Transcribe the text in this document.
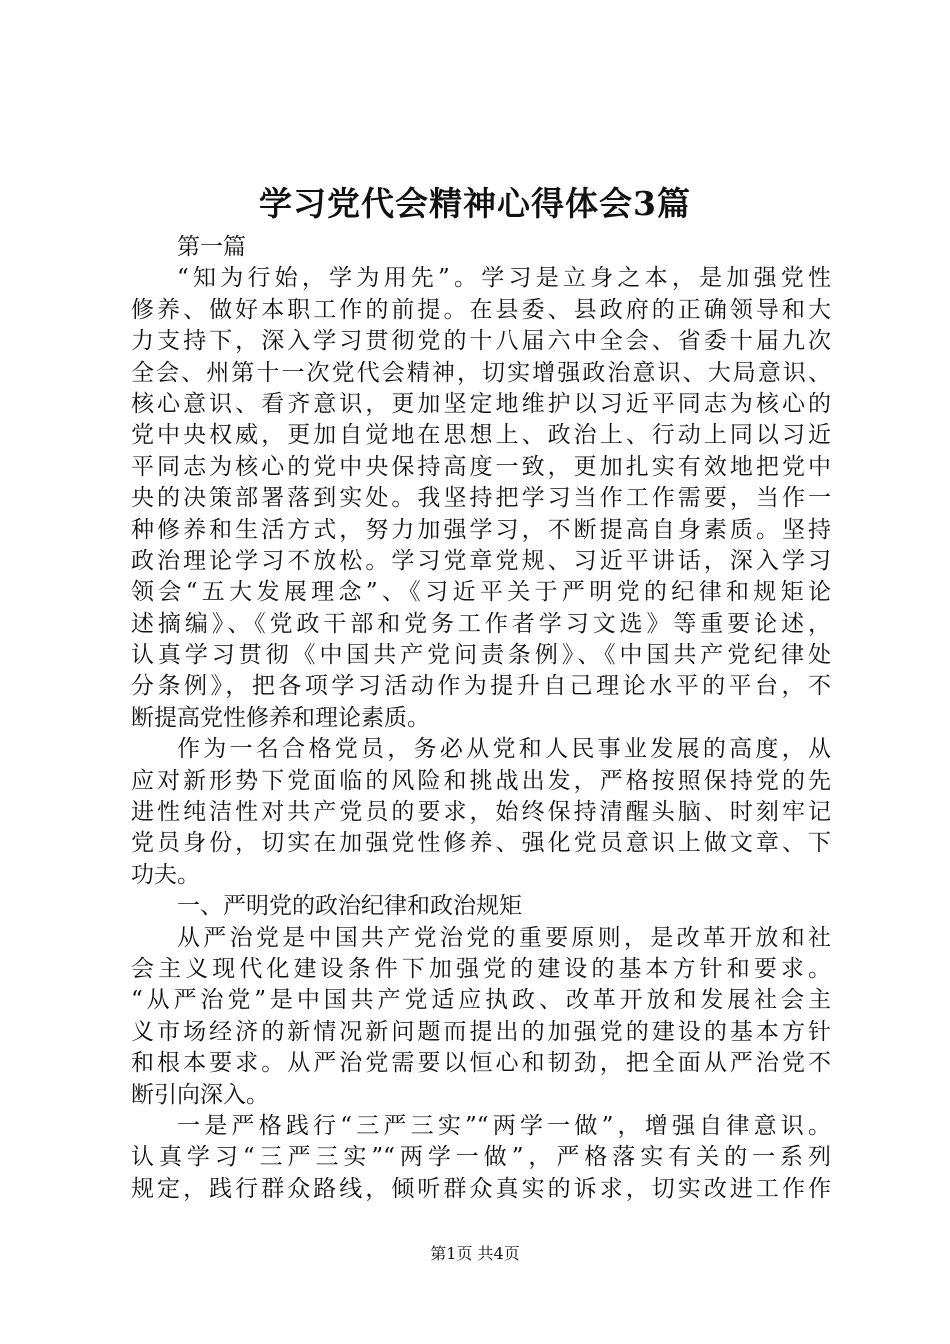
学习党代会精神心得体会3篇
第一篇
“知为行始，学为用先”。学习是立身之本，是加强党性
修养、做好本职工作的前提。在县委、县政府的正确领导和大
力支持下，深入学习贯彻党的十八届六中全会、省委十届九次
全会、州第十一次党代会精神，切实增强政治意识、大局意识、
核心意识、看齐意识，更加坚定地维护以习近平同志为核心的
党中央权威，更加自觉地在思想上、政治上、行动上同以习近
平同志为核心的党中央保持高度一致，更加扎实有效地把党中
央的决策部署落到实处。我坚持把学习当作工作需要，当作一
种修养和生活方式，努力加强学习，不断提高自身素质。坚持
政治理论学习不放松。学习党章党规、习近平讲话，深入学习
领会“五大发展理念”、《习近平关于严明党的纪律和规矩论
述摘编》、《党政干部和党务工作者学习文选》等重要论述，
认真学习贯彻《中国共产党问责条例》、《中国共产党纪律处
分条例》，把各项学习活动作为提升自己理论水平的平台，不
断提高党性修养和理论素质。
作为一名合格党员，务必从党和人民事业发展的高度，从
应对新形势下党面临的风险和挑战出发，严格按照保持党的先
进性纯洁性对共产党员的要求，始终保持清醒头脑、时刻牢记
党员身份，切实在加强党性修养、强化党员意识上做文章、下
功夫。
一、严明党的政治纪律和政治规矩
从严治党是中国共产党治党的重要原则，是改革开放和社
会主义现代化建设条件下加强党的建设的基本方针和要求。
“从严治党”是中国共产党适应执政、改革开放和发展社会主
义市场经济的新情况新问题而提出的加强党的建设的基本方针
和根本要求。从严治党需要以恒心和韧劲，把全面从严治党不
断引向深入。
一是严格践行“三严三实”“两学一做”，增强自律意识。
认真学习“三严三实”“两学一做”，严格落实有关的一系列
规定，践行群众路线，倾听群众真实的诉求，切实改进工作作
第1页 共4页
